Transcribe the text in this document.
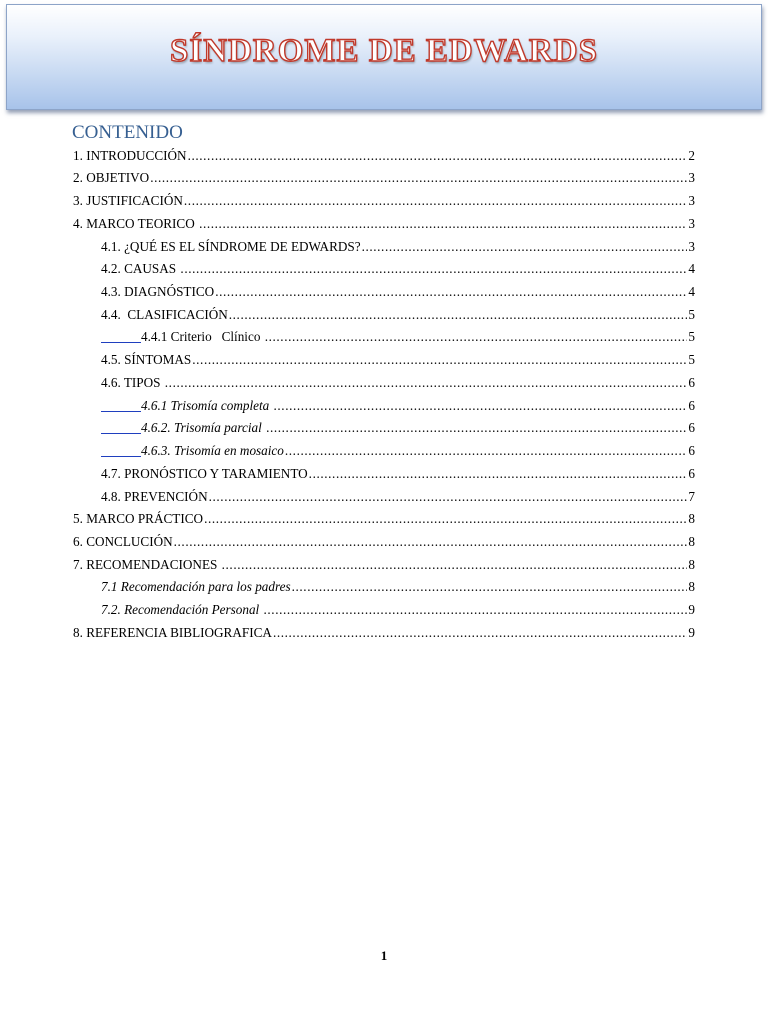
SÍNDROME DE EDWARDS
CONTENIDO
1. INTRODUCCIÓN .....	2
2. OBJETIVO .....	3
3. JUSTIFICACIÓN .....	3
4. MARCO TEORICO .....	3
4.1. ¿QUÉ ES EL SÍNDROME DE EDWARDS? .....	3
4.2. CAUSAS .....	4
4.3. DIAGNÓSTICO .....	4
4.4.  CLASIFICACIÓN .....	5
4.4.1 Criterio   Clínico .....	5
4.5. SÍNTOMAS .....	5
4.6. TIPOS .....	6
4.6.1 Trisomía completa .....	6
4.6.2. Trisomía parcial .....	6
4.6.3. Trisomía en mosaico .....	6
4.7. PRONÓSTICO Y TARAMIENTO .....	6
4.8. PREVENCIÓN .....	7
5. MARCO PRÁCTICO .....	8
6. CONCLUCIÓN .....	8
7. RECOMENDACIONES .....	8
7.1 Recomendación para los padres .....	8
7.2. Recomendación Personal .....	9
8. REFERENCIA BIBLIOGRAFICA .....	9
1
